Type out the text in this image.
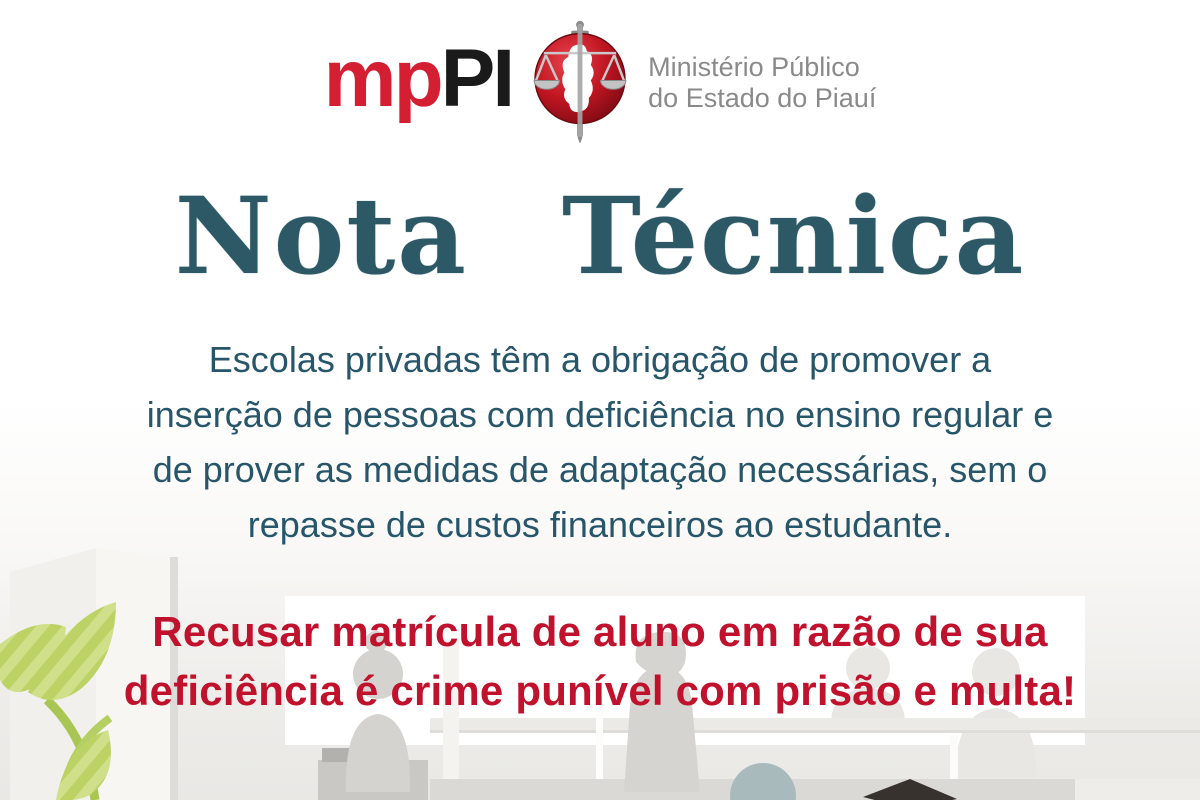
mp PI	Ministério Público
do Estado do Piauí
Nota Técnica

Escolas privadas têm a obrigação de promover a
inserção de pessoas com deficiência no ensino regular e
de prover as medidas de adaptação necessárias, sem o
repasse de custos financeiros ao estudante.

Recusar matrícula de aluno em razão de sua
deficiência é crime punível com prisão e multa!
